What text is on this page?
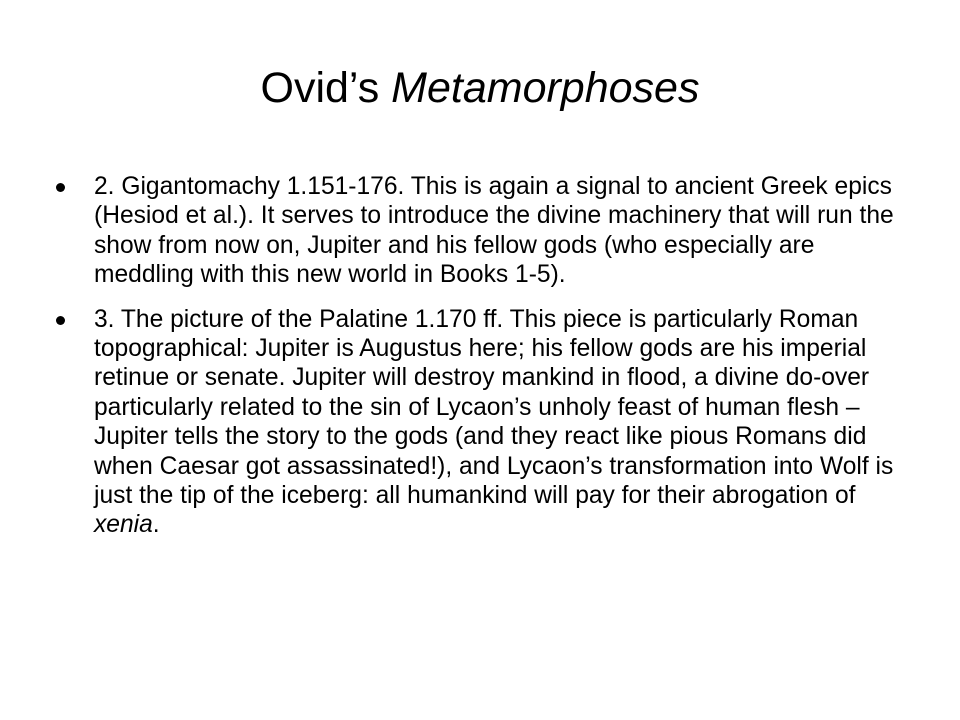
Ovid’s Metamorphoses
2. Gigantomachy 1.151-176. This is again a signal to ancient Greek epics (Hesiod et al.). It serves to introduce the divine machinery that will run the show from now on, Jupiter and his fellow gods (who especially are meddling with this new world in Books 1-5).
3. The picture of the Palatine 1.170 ff. This piece is particularly Roman topographical: Jupiter is Augustus here; his fellow gods are his imperial retinue or senate. Jupiter will destroy mankind in flood, a divine do-over particularly related to the sin of Lycaon’s unholy feast of human flesh – Jupiter tells the story to the gods (and they react like pious Romans did when Caesar got assassinated!), and Lycaon’s transformation into Wolf is just the tip of the iceberg: all humankind will pay for their abrogation of xenia.
